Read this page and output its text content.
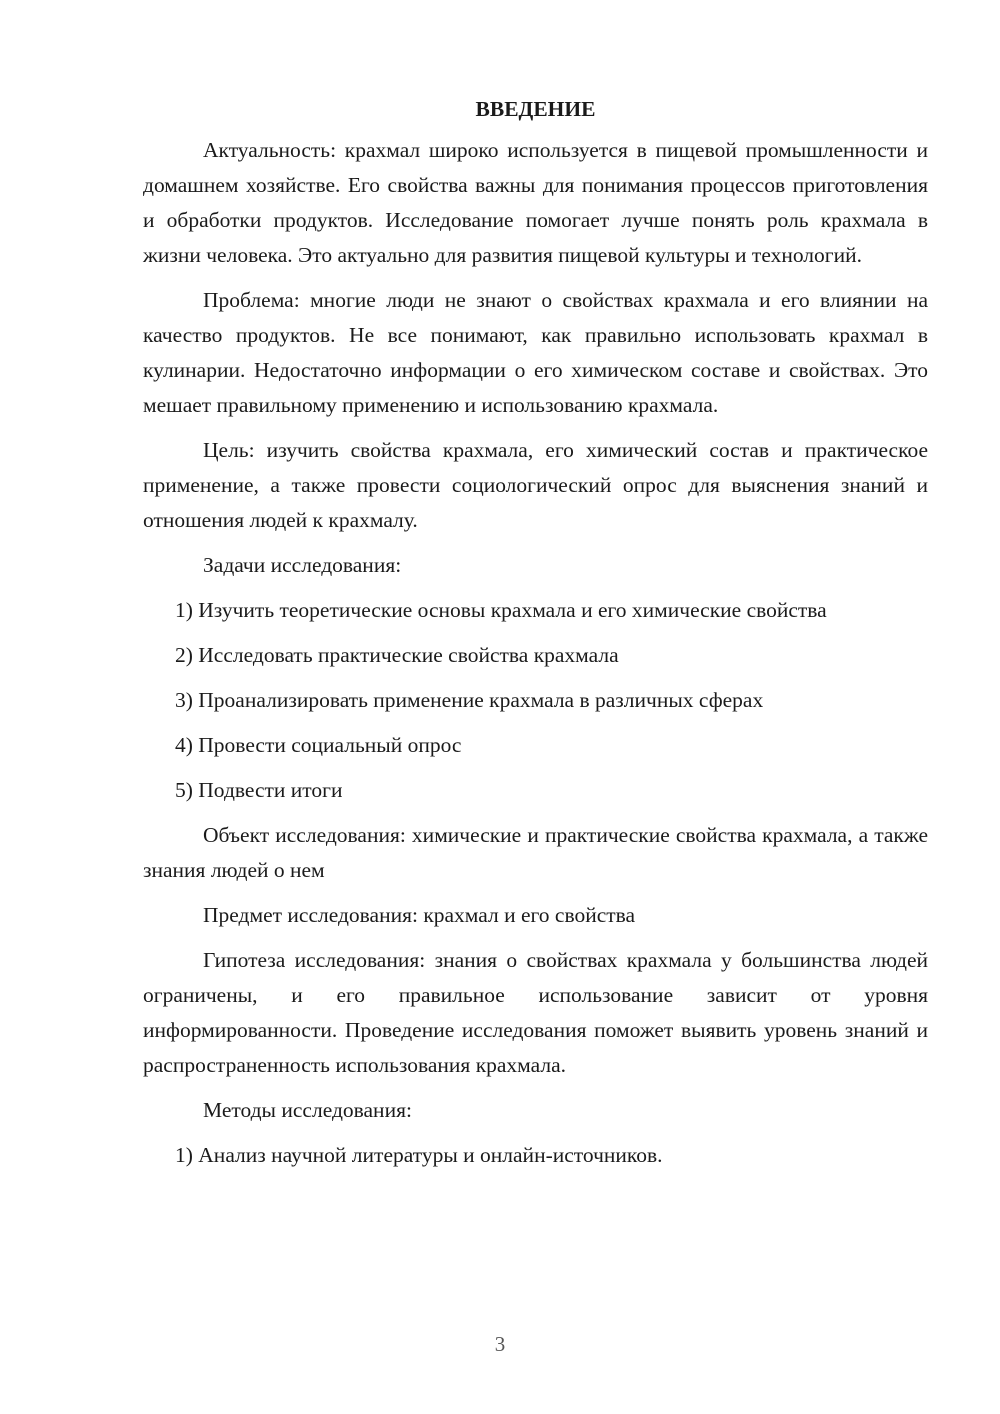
ВВЕДЕНИЕ

Актуальность: крахмал широко используется в пищевой промышленности и домашнем хозяйстве. Его свойства важны для понимания процессов приготовления и обработки продуктов. Исследование помогает лучше понять роль крахмала в жизни человека. Это актуально для развития пищевой культуры и технологий.

Проблема: многие люди не знают о свойствах крахмала и его влиянии на качество продуктов. Не все понимают, как правильно использовать крахмал в кулинарии. Недостаточно информации о его химическом составе и свойствах. Это мешает правильному применению и использованию крахмала.

Цель: изучить свойства крахмала, его химический состав и практическое применение, а также провести социологический опрос для выяснения знаний и отношения людей к крахмалу.

Задачи исследования:

1) Изучить теоретические основы крахмала и его химические свойства

2) Исследовать практические свойства крахмала

3) Проанализировать применение крахмала в различных сферах

4) Провести социальный опрос

5) Подвести итоги

Объект исследования: химические и практические свойства крахмала, а также знания людей о нем

Предмет исследования: крахмал и его свойства

Гипотеза исследования: знания о свойствах крахмала у большинства людей ограничены, и его правильное использование зависит от уровня информированности. Проведение исследования поможет выявить уровень знаний и распространенность использования крахмала.

Методы исследования:

1) Анализ научной литературы и онлайн-источников.

3
